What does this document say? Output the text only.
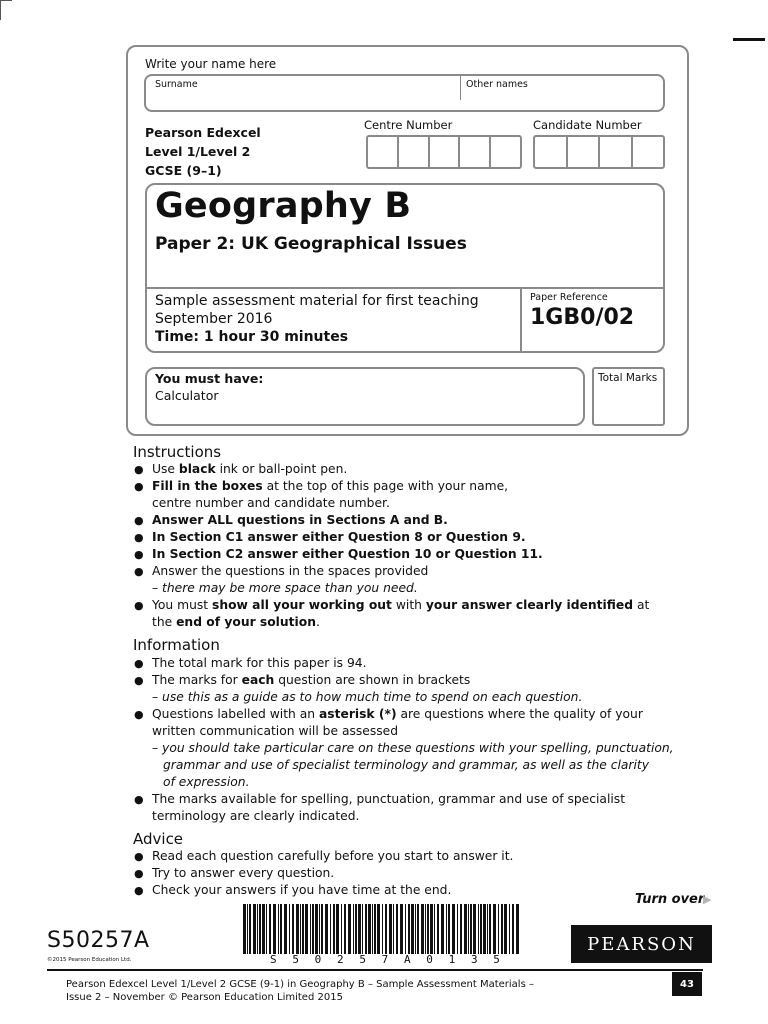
Write your name here
Surname	Other names
Pearson Edexcel
Level 1/Level 2
GCSE (9–1)
Centre Number	Candidate Number
Geography B
Paper 2: UK Geographical Issues
Sample assessment material for first teaching
September 2016
Time: 1 hour 30 minutes
Paper Reference
1GB0/02
You must have:
Calculator
Total Marks
Instructions
● Use black ink or ball-point pen.
● Fill in the boxes at the top of this page with your name,
centre number and candidate number.
● Answer ALL questions in Sections A and B.
● In Section C1 answer either Question 8 or Question 9.
● In Section C2 answer either Question 10 or Question 11.
● Answer the questions in the spaces provided
– there may be more space than you need.
● You must show all your working out with your answer clearly identified at
the end of your solution.
Information
● The total mark for this paper is 94.
● The marks for each question are shown in brackets
– use this as a guide as to how much time to spend on each question.
● Questions labelled with an asterisk (*) are questions where the quality of your
written communication will be assessed
– you should take particular care on these questions with your spelling, punctuation,
grammar and use of specialist terminology and grammar, as well as the clarity
of expression.
● The marks available for spelling, punctuation, grammar and use of specialist
terminology are clearly indicated.
Advice
● Read each question carefully before you start to answer it.
● Try to answer every question.
● Check your answers if you have time at the end.
Turn over
▶
S50257A
©2015 Pearson Education Ltd.	S 5 0 2 5 7 A 0 1 3 5
PEARSON
Pearson Edexcel Level 1/Level 2 GCSE (9-1) in Geography B – Sample Assessment Materials –
Issue 2 – November © Pearson Education Limited 2015
43
